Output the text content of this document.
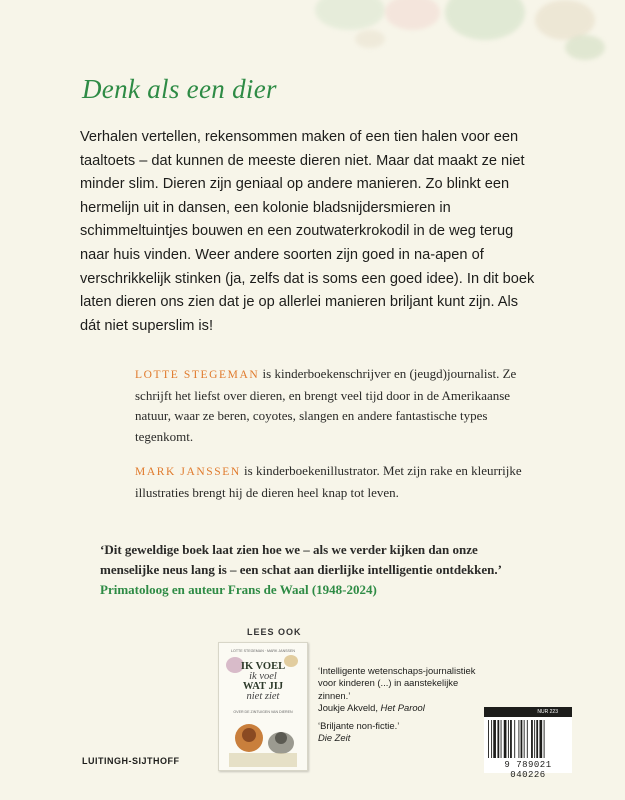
Denk als een dier

Verhalen vertellen, rekensommen maken of een tien halen voor een taaltoets – dat kunnen de meeste dieren niet. Maar dat maakt ze niet minder slim. Dieren zijn geniaal op andere manieren. Zo blinkt een hermelijn uit in dansen, een kolonie bladsnijdersmieren in schimmeltuintjes bouwen en een zoutwaterkrokodil in de weg terug naar huis vinden. Weer andere soorten zijn goed in na-apen of verschrikkelijk stinken (ja, zelfs dat is soms een goed idee). In dit boek laten dieren ons zien dat je op allerlei manieren briljant kunt zijn. Als dát niet superslim is!

LOTTE STEGEMAN is kinderboekenschrijver en (jeugd)journalist. Ze schrijft het liefst over dieren, en brengt veel tijd door in de Amerikaanse natuur, waar ze beren, coyotes, slangen en andere fantastische types tegenkomt.

MARK JANSSEN is kinderboekenillustrator. Met zijn rake en kleurrijke illustraties brengt hij de dieren heel knap tot leven.

‘Dit geweldige boek laat zien hoe we – als we verder kijken dan onze menselijke neus lang is – een schat aan dierlijke intelligentie ontdekken.’
Primatoloog en auteur Frans de Waal (1948-2024)

LEES OOK
LOTTE STEGEMAN · MARK JANSSEN
IK VOEL
ik voel
WAT JIJ
niet ziet
OVER DE ZINTUIGEN VAN DIEREN

‘Intelligente wetenschaps-journalistiek voor kinderen (...) in aanstekelijke zinnen.’
Joukje Akveld, Het Parool

‘Briljante non-fictie.’
Die Zeit

LUITINGH-SIJTHOFF
NUR 223
9 789021 040226
